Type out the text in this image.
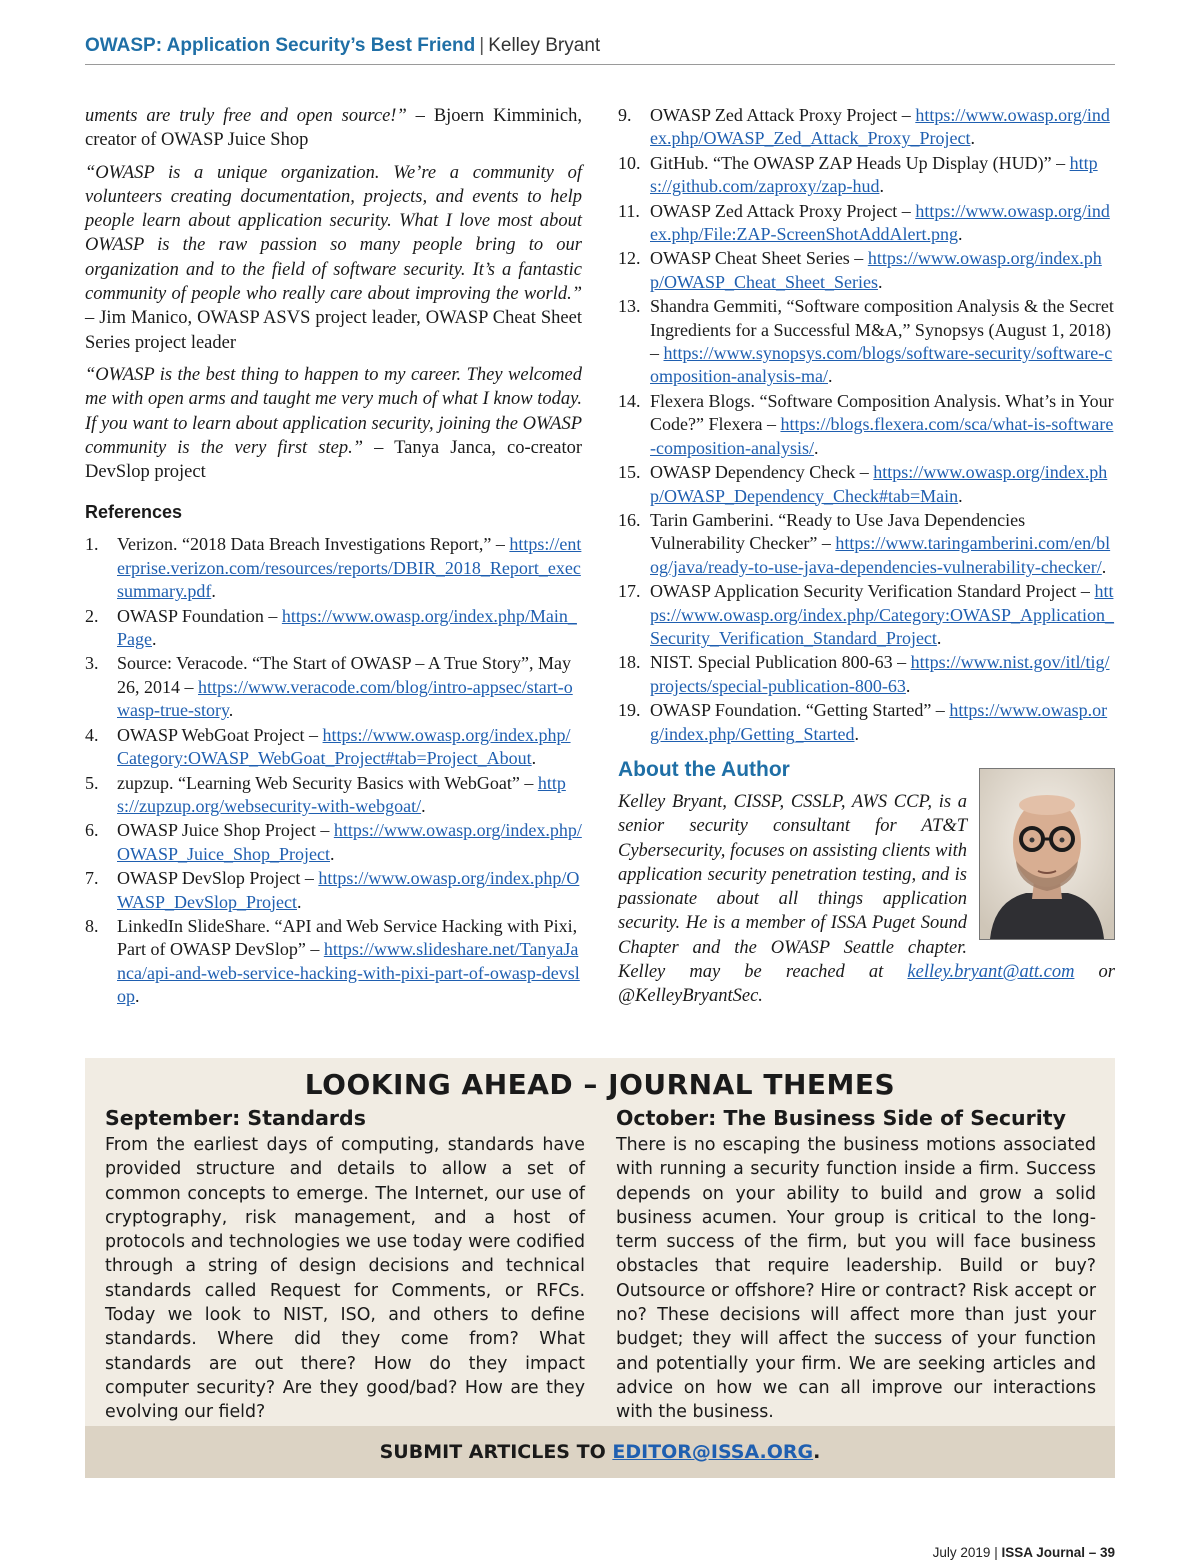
OWASP: Application Security’s Best Friend | Kelley Bryant

uments are truly free and open source!” – Bjoern Kimminich, creator of OWASP Juice Shop

“OWASP is a unique organization. We’re a community of volunteers creating documentation, projects, and events to help people learn about application security. What I love most about OWASP is the raw passion so many people bring to our organization and to the field of software security. It’s a fantastic community of people who really care about improving the world.” – Jim Manico, OWASP ASVS project leader, OWASP Cheat Sheet Series project leader

“OWASP is the best thing to happen to my career. They welcomed me with open arms and taught me very much of what I know today. If you want to learn about application security, joining the OWASP community is the very first step.” – Tanya Janca, co-creator DevSlop project

References
1.	Verizon. “2018 Data Breach Investigations Report,” – https://enterprise.verizon.com/resources/reports/DBIR_2018_Report_execsummary.pdf.
2.	OWASP Foundation – https://www.owasp.org/index.php/Main_Page.
3.	Source: Veracode. “The Start of OWASP – A True Story”, May 26, 2014 – https://www.veracode.com/blog/intro-appsec/start-owasp-true-story.
4.	OWASP WebGoat Project – https://www.owasp.org/index.php/Category:OWASP_WebGoat_Project#tab=Project_About.
5.	zupzup. “Learning Web Security Basics with WebGoat” – https://zupzup.org/websecurity-with-webgoat/.
6.	OWASP Juice Shop Project – https://www.owasp.org/index.php/OWASP_Juice_Shop_Project.
7.	OWASP DevSlop Project – https://www.owasp.org/index.php/OWASP_DevSlop_Project.
8.	LinkedIn SlideShare. “API and Web Service Hacking with Pixi, Part of OWASP DevSlop” – https://www.slideshare.net/TanyaJanca/api-and-web-service-hacking-with-pixi-part-of-owasp-devslop.
9.	OWASP Zed Attack Proxy Project – https://www.owasp.org/index.php/OWASP_Zed_Attack_Proxy_Project.
10. GitHub. “The OWASP ZAP Heads Up Display (HUD)” – https://github.com/zaproxy/zap-hud.
11. OWASP Zed Attack Proxy Project – https://www.owasp.org/index.php/File:ZAP-ScreenShotAddAlert.png.
12. OWASP Cheat Sheet Series – https://www.owasp.org/index.php/OWASP_Cheat_Sheet_Series.
13. Shandra Gemmiti, “Software composition Analysis & the Secret Ingredients for a Successful M&A,” Synopsys (August 1, 2018) – https://www.synopsys.com/blogs/software-security/software-composition-analysis-ma/.
14. Flexera Blogs. “Software Composition Analysis. What’s in Your Code?” Flexera – https://blogs.flexera.com/sca/what-is-software-composition-analysis/.
15. OWASP Dependency Check – https://www.owasp.org/index.php/OWASP_Dependency_Check#tab=Main.
16. Tarin Gamberini. “Ready to Use Java Dependencies Vulnerability Checker” – https://www.taringamberini.com/en/blog/java/ready-to-use-java-dependencies-vulnerability-checker/.
17. OWASP Application Security Verification Standard Project – https://www.owasp.org/index.php/Category:OWASP_Application_Security_Verification_Standard_Project.
18. NIST. Special Publication 800-63 – https://www.nist.gov/itl/tig/projects/special-publication-800-63.
19. OWASP Foundation. “Getting Started” – https://www.owasp.org/index.php/Getting_Started.
About the Author
Kelley Bryant, CISSP, CSSLP, AWS CCP, is a senior security consultant for AT&T Cybersecurity, focuses on assisting clients with application security penetration testing, and is passionate about all things application security. He is a member of ISSA Puget Sound Chapter and the OWASP Seattle chapter. Kelley may be reached at kelley.bryant@att.com or @KelleyBryantSec.
LOOKING AHEAD – JOURNAL THEMES
September: Standards

From the earliest days of computing, standards have provided structure and details to allow a set of common concepts to emerge. The Internet, our use of cryptography, risk management, and a host of protocols and technologies we use today were codified through a string of design decisions and technical standards called Request for Comments, or RFCs. Today we look to NIST, ISO, and others to define standards. Where did they come from? What standards are out there? How do they impact computer security? Are they good/bad? How are they evolving our field?

October: The Business Side of Security

There is no escaping the business motions associated with running a security function inside a firm. Success depends on your ability to build and grow a solid business acumen. Your group is critical to the long-term success of the firm, but you will face business obstacles that require leadership. Build or buy? Outsource or offshore? Hire or contract? Risk accept or no? These decisions will affect more than just your budget; they will affect the success of your function and potentially your firm. We are seeking articles and advice on how we can all improve our interactions with the business.

SUBMIT ARTICLES TO EDITOR@ISSA.ORG.
July 2019 | ISSA Journal – 39
